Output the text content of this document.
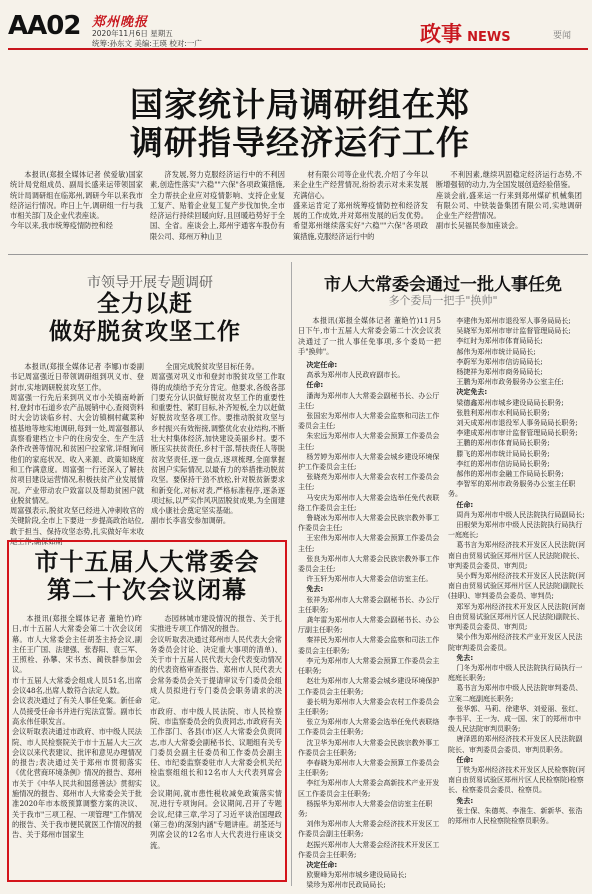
AA02 郑州晚报
2020年11月6日 星期五
统筹:孙东文 美编:王瑛 校对:一广	政事 NEWS	要闻
国家统计局调研组在郑
调研指导经济运行工作

本报讯(郑报全媒体记者 侯爱敏)国家统计局党组成员、副局长盛来运带领国家统计局调研组在临郑州,调研今年以来我市经济运行情况。昨日上午,调研组一行与我市相关部门及企业代表座谈。
今年以来,我市统筹疫情防控和经

济发展,努力克服经济运行中的不利因素,创造性落实"六稳""六保"各项政策措施,全力帮扶企业应对疫情影响、支持企业复工复产、贴着企业复工复产步伐加快,全市经济运行持续回暖向好,且回暖趋势好于全国、全省。座谈会上,郑州宇通客车股份有限公司、郑州万种山卫

材有限公司等企业代表,介绍了今年以来企业生产经营情况,纷纷表示对未来发展充满信心。
盛来运肯定了郑州统筹疫情防控和经济发展的工作成效,并对郑州发展的后发优势。希望郑州继续落实好"六稳""六保"各项政策措施,克服经济运行中的

不利因素,继续巩固稳定经济运行态势,不断增强韧的动力,为全国发展创造经验借鉴。
座谈会前,盛来运一行来到郑州煤矿机械集团有限公司、中铁装备集团有限公司,实地调研企业生产经营情况。
副市长吴福民参加座谈会。

市领导开展专题调研
全力以赶
做好脱贫攻坚工作

本报讯(郑报全媒体记者 李娜)市委副书记周富强近日带领调研组到巩义市、登封市,实地调研脱贫攻坚工作。
周富强一行先后来到巩义市小关镇南岭新村,登封市石道乡农产品展销中心,查阅资料时大会访谈临乡村、大会访镇桐村藏菜种植基地等地实地调研,每到一处,周富强都认真察看建档立卡户的住房安全、生产生活条件改善等情况,和贫困户拉家常,详细询问他们的家庭状况、收入来源、政策知晓度和工作满意度。周富强一行还深入了解扶贫项目建设运营情况,积极扶贫产业发展情况。产业带动农户致富以及帮助贫困户就业脱贫情况。
周富强表示,脱贫攻坚已经进入冲刺收官的关键阶段,全市上下要进一步提高政治站位,敢于担当、保持攻坚态势,扎实做好年末收尾工作,确保如期

全面完成脱贫攻坚目标任务。
周富强对巩义市和登封市脱贫攻坚工作取得的成绩给予充分肯定。他要求,各级各部门要充分认识做好脱贫攻坚工作的重要性和重要性、紧盯目标,补齐短板,全力以赶做好脱贫攻坚各项工作。要推动脱贫攻坚与乡村振兴有效衔接,调整优化农业结构,不断壮大村集体经济,加快建设美丽乡村。要不断压实扶贫责任,乡村干部,帮扶责任人等脱贫攻坚责任,逐一盘点,逐项梳理,全面掌握贫困户实际情况,以最有力的举措推动脱贫攻坚。要保持干劲不放松,针对脱贫新要求和新变化,对标对表,严格标准程序,逐条逐项过标,以严实作风巩固脱贫成果,为全面建成小康社会奠定坚实基础。
副市长李喜安参加调研。

市十五届人大常委会
第二十次会议闭幕

本报讯(郑报全媒体记者 董艳竹)昨日,市十五届人大常委会第二十次会议闭幕。市人大常委会主任胡荃主持会议,副主任王广国、法建强、张春阳、袁三军、王照栓、孙攀、宋书杰、蔺铁群参加会议。
市十五届人大常委会组成人员51名,出席会议48名,出席人数符合法定人数。
会议表决通过了有关人事任免案。新任命人员接受任命书并进行宪法宣誓。副市长高永伟任职发言。
会议听取表决通过市政府、市中级人民法院、市人民检察院关于市十五届人大三次会议以来代表建议、批评和意见办理情况的报告;表决通过关于郑州市贯彻落实《优化营商环境条例》情况的报告、郑州市关于《中华人民共和国慈善法》贯彻实施情况的报告、郑州市人大常委会关于批准2020年市本级预算调整方案的决议、关于我市"三项工程、一项管理"工作情况的报告、关于我市便民就医工作情况的报告、关于郑州市国家生

态园林城市建设情况的报告、关于扎实推进专项工作情况的报告。
会议听取表决通过郑州市人民代表大会常务委员会讨论、决定重大事项的清单)、关于市十五届人民代表大会代表变动情况的代表资格审查报告、郑州市人民代表大会常务委员会关于提请审议专门委员会组成人员拟进行专门委员会职务请求的决定。
市政府、市中级人民法院、市人民检察院、市监察委员会的负责同志,市政府有关工作部门、各县(市)区人大常委会负责同志,市人大常委会副秘书长、议题组有关专门委员会副主任委员和工作委员会副主任、市纪委监察委驻市人大常委会机关纪检监察组组长和12名市人大代表列席会议。
会议期间,就市患性税收减免政策落实情况,进行专项询问。会议期间,召开了专题会议,纪律三章,学习了习近平谈治国理政(第三卷)的深刻内涵"专题讲座。胡荃还与列席会议的12名市人大代表进行座谈交流。

市人大常委会通过一批人事任免
多个委局一把手"换帅"

本报讯(郑报全媒体记者 董艳竹)11月5日下午,市十五届人大常委会第二十次会议表决通过了一批人事任免事项,多个委局一把手"换帅"。

决定任命:

高承为郑州市人民政府副市长。

任命:

潘海为郑州市人大常委会副秘书长、办公厅主任;

张国宏为郑州市人大常委会监察和司法工作委员会主任;

朱宏远为郑州市人大常委会预算工作委员会主任;

杨芳婷为郑州市人大常委会城乡建设环境保护工作委员会主任;

张晓亮为郑州市人大常委会农村工作委员会主任;

马安庆为郑州市人大常委会选举任免代表联络工作委员会主任;

鲁晓冰为郑州市人大常委会民族宗教外事工作委员会主任;

王宏伟为郑州市人大常委会预算工作委员会主任;

张良为郑州市人大常委会民族宗教外事工作委员会主任;

许玉轩为郑州市人大常委会信访室主任。

免去:

张祥为郑州市人大常委会副秘书长、办公厅主任职务;

龚年雷为郑州市人大常委会副秘书长、办公厅副主任职务;

秦祥民为郑州市人大常委会监察和司法工作委员会主任职务;

李元为郑州市人大常委会预算工作委员会主任职务;

赵壮为郑州市人大常委会城乡建设环境保护工作委员会主任职务;

姜长明为郑州市人大常委会农村工作委员会主任职务;

张立为郑州市人大常委会选举任免代表联络工作委员会主任职务;

沈卫华为郑州市人大常委会民族宗教外事工作委员会主任职务;

李春晓为郑州市人大常委会预算工作委员会主任职务;

李红为郑州市人大常委会高新技术产业开发区工作委员会主任职务;

杨振华为郑州市人大常委会信访室主任职务;

刘伟为郑州市人大常委会经济技术开发区工作委员会副主任职务;

赵振兴郑州市人大常委会经济技术开发区工作委员会主任职务;

决定任命:

欧聚峰为郑州市城乡建设局局长;

梁珍为郑州市民政局局长;

李建伟为郑州市退役军人事务局局长;

吴晓军为郑州市审计监督管理局局长;

李红时为郑州市体育局局长;

郝伟为郑州市统计局局长;

李蔚军为郑州市信访局局长;

杨捷祥为郑州市商务局局长;

王鹏为郑州市政务服务办公室主任;

决定免去:

梁德鑫郑州市城乡建设局局长职务;

张胜利郑州市水利局局长职务;

刘天成郑州市退役军人事务局局长职务;

李建成郑州市审计监督管理局局长职务;

王鹏的郑州市体育局局长职务;

滕飞的郑州市统计局局长职务;

李红的郑州市信访局局长职务;

郝伟的郑州市金融工作局局长职务;

李智军的郑州市政务服务办公室主任职务。

任命:

周肖为郑州市中级人民法院执行局副局长;

田根荣为郑州市中级人民法院执行局执行一庭庭长;

葛书言为郑州经济技术开发区人民法院(河南自由贸易试验区郑州片区人民法院)院长、审判委员会委员、审判员;

吴小辉为郑州经济技术开发区人民法院(河南自由贸易试验区郑州片区人民法院)副院长(挂职)、审判委员会委员、审判员;

郑军为郑州经济技术开发区人民法院(河南自由贸易试验区郑州片区人民法院)副院长、审判委员会委员、审判员;

梁小伟为郑州经济技术产业开发区人民法院审判委员会委员。

免去:

门冬为郑州市中级人民法院执行局执行一庭庭长职务;

葛书言为郑州市中级人民法院审判委员、立案二庭副庭长职务;

张华郭、马莉、徐建华、刘爱丽、张红、李书平、王一为、成一国、宋丁的郑州市中级人民法院审判员职务;

唐泽恩的郑州经济技术开发区人民法院副院长、审判委员会委员、审判员职务。

任命:

丁铁为郑州经济技术开发区人民检察院(河南自由贸易试验区郑州片区人民检察院)检察长、检察委员会委员、检察员。

免去:

张士保、朱德英、李淮生、新新华、张浩的郑州市人民检察院检察员职务。
